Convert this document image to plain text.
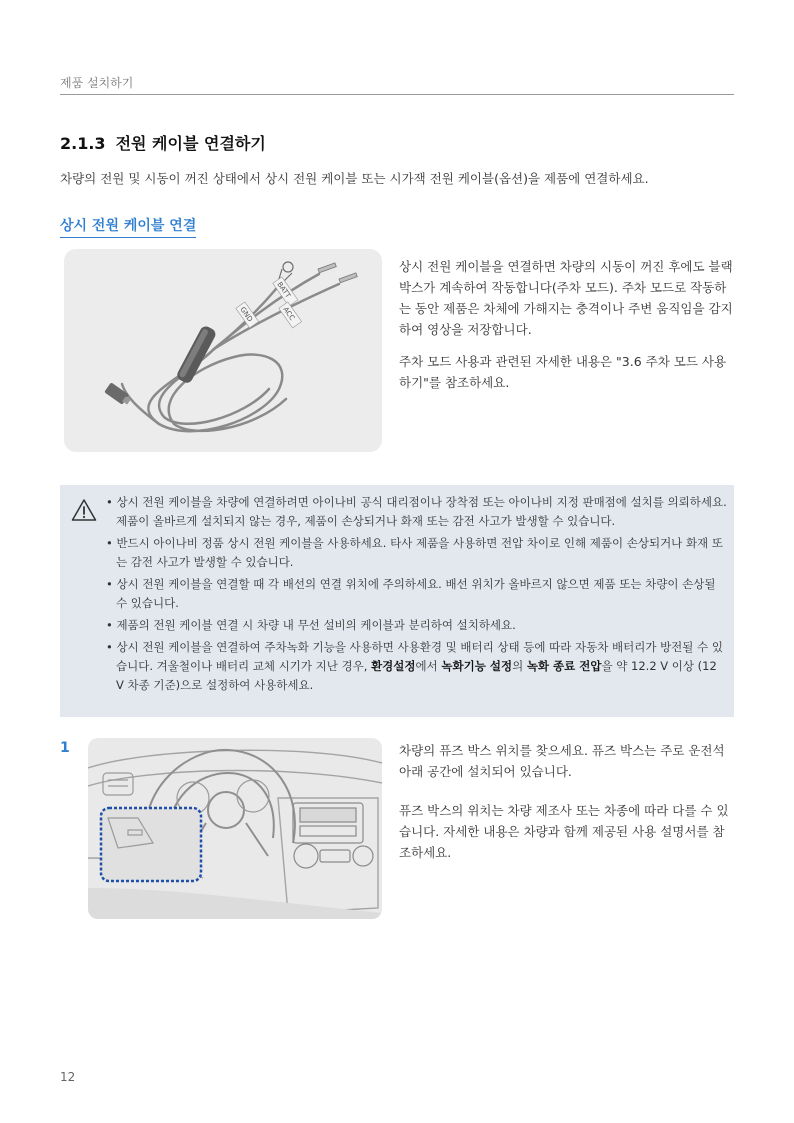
제품 설치하기
2.1.3 전원 케이블 연결하기
차량의 전원 및 시동이 꺼진 상태에서 상시 전원 케이블 또는 시가잭 전원 케이블(옵션)을 제품에 연결하세요.
상시 전원 케이블 연결
GND
BATT
ACC

상시 전원 케이블을 연결하면 차량의 시동이 꺼진 후에도 블랙박스가 계속하여 작동합니다(주차 모드). 주차 모드로 작동하는 동안 제품은 차체에 가해지는 충격이나 주변 움직임을 감지하여 영상을 저장합니다.

주차 모드 사용과 관련된 자세한 내용은 "3.6 주차 모드 사용하기"를 참조하세요.

• 상시 전원 케이블을 차량에 연결하려면 아이나비 공식 대리점이나 장착점 또는 아이나비 지정 판매점에 설치를 의뢰하세요. 제품이 올바르게 설치되지 않는 경우, 제품이 손상되거나 화재 또는 감전 사고가 발생할 수 있습니다.
• 반드시 아이나비 정품 상시 전원 케이블을 사용하세요. 타사 제품을 사용하면 전압 차이로 인해 제품이 손상되거나 화재 또는 감전 사고가 발생할 수 있습니다.
• 상시 전원 케이블을 연결할 때 각 배선의 연결 위치에 주의하세요. 배선 위치가 올바르지 않으면 제품 또는 차량이 손상될 수 있습니다.
• 제품의 전원 케이블 연결 시 차량 내 무선 설비의 케이블과 분리하여 설치하세요.
• 상시 전원 케이블을 연결하여 주차녹화 기능을 사용하면 사용환경 및 배터리 상태 등에 따라 자동차 배터리가 방전될 수 있습니다. 겨울철이나 배터리 교체 시기가 지난 경우, 환경설정에서 녹화기능 설정의 녹화 종료 전압을 약 12.2 V 이상 (12 V 차종 기준)으로 설정하여 사용하세요.
1	차량의 퓨즈 박스 위치를 찾으세요. 퓨즈 박스는 주로 운전석 아래 공간에 설치되어 있습니다.

퓨즈 박스의 위치는 차량 제조사 또는 차종에 따라 다를 수 있습니다. 자세한 내용은 차량과 함께 제공된 사용 설명서를 참조하세요.

12
